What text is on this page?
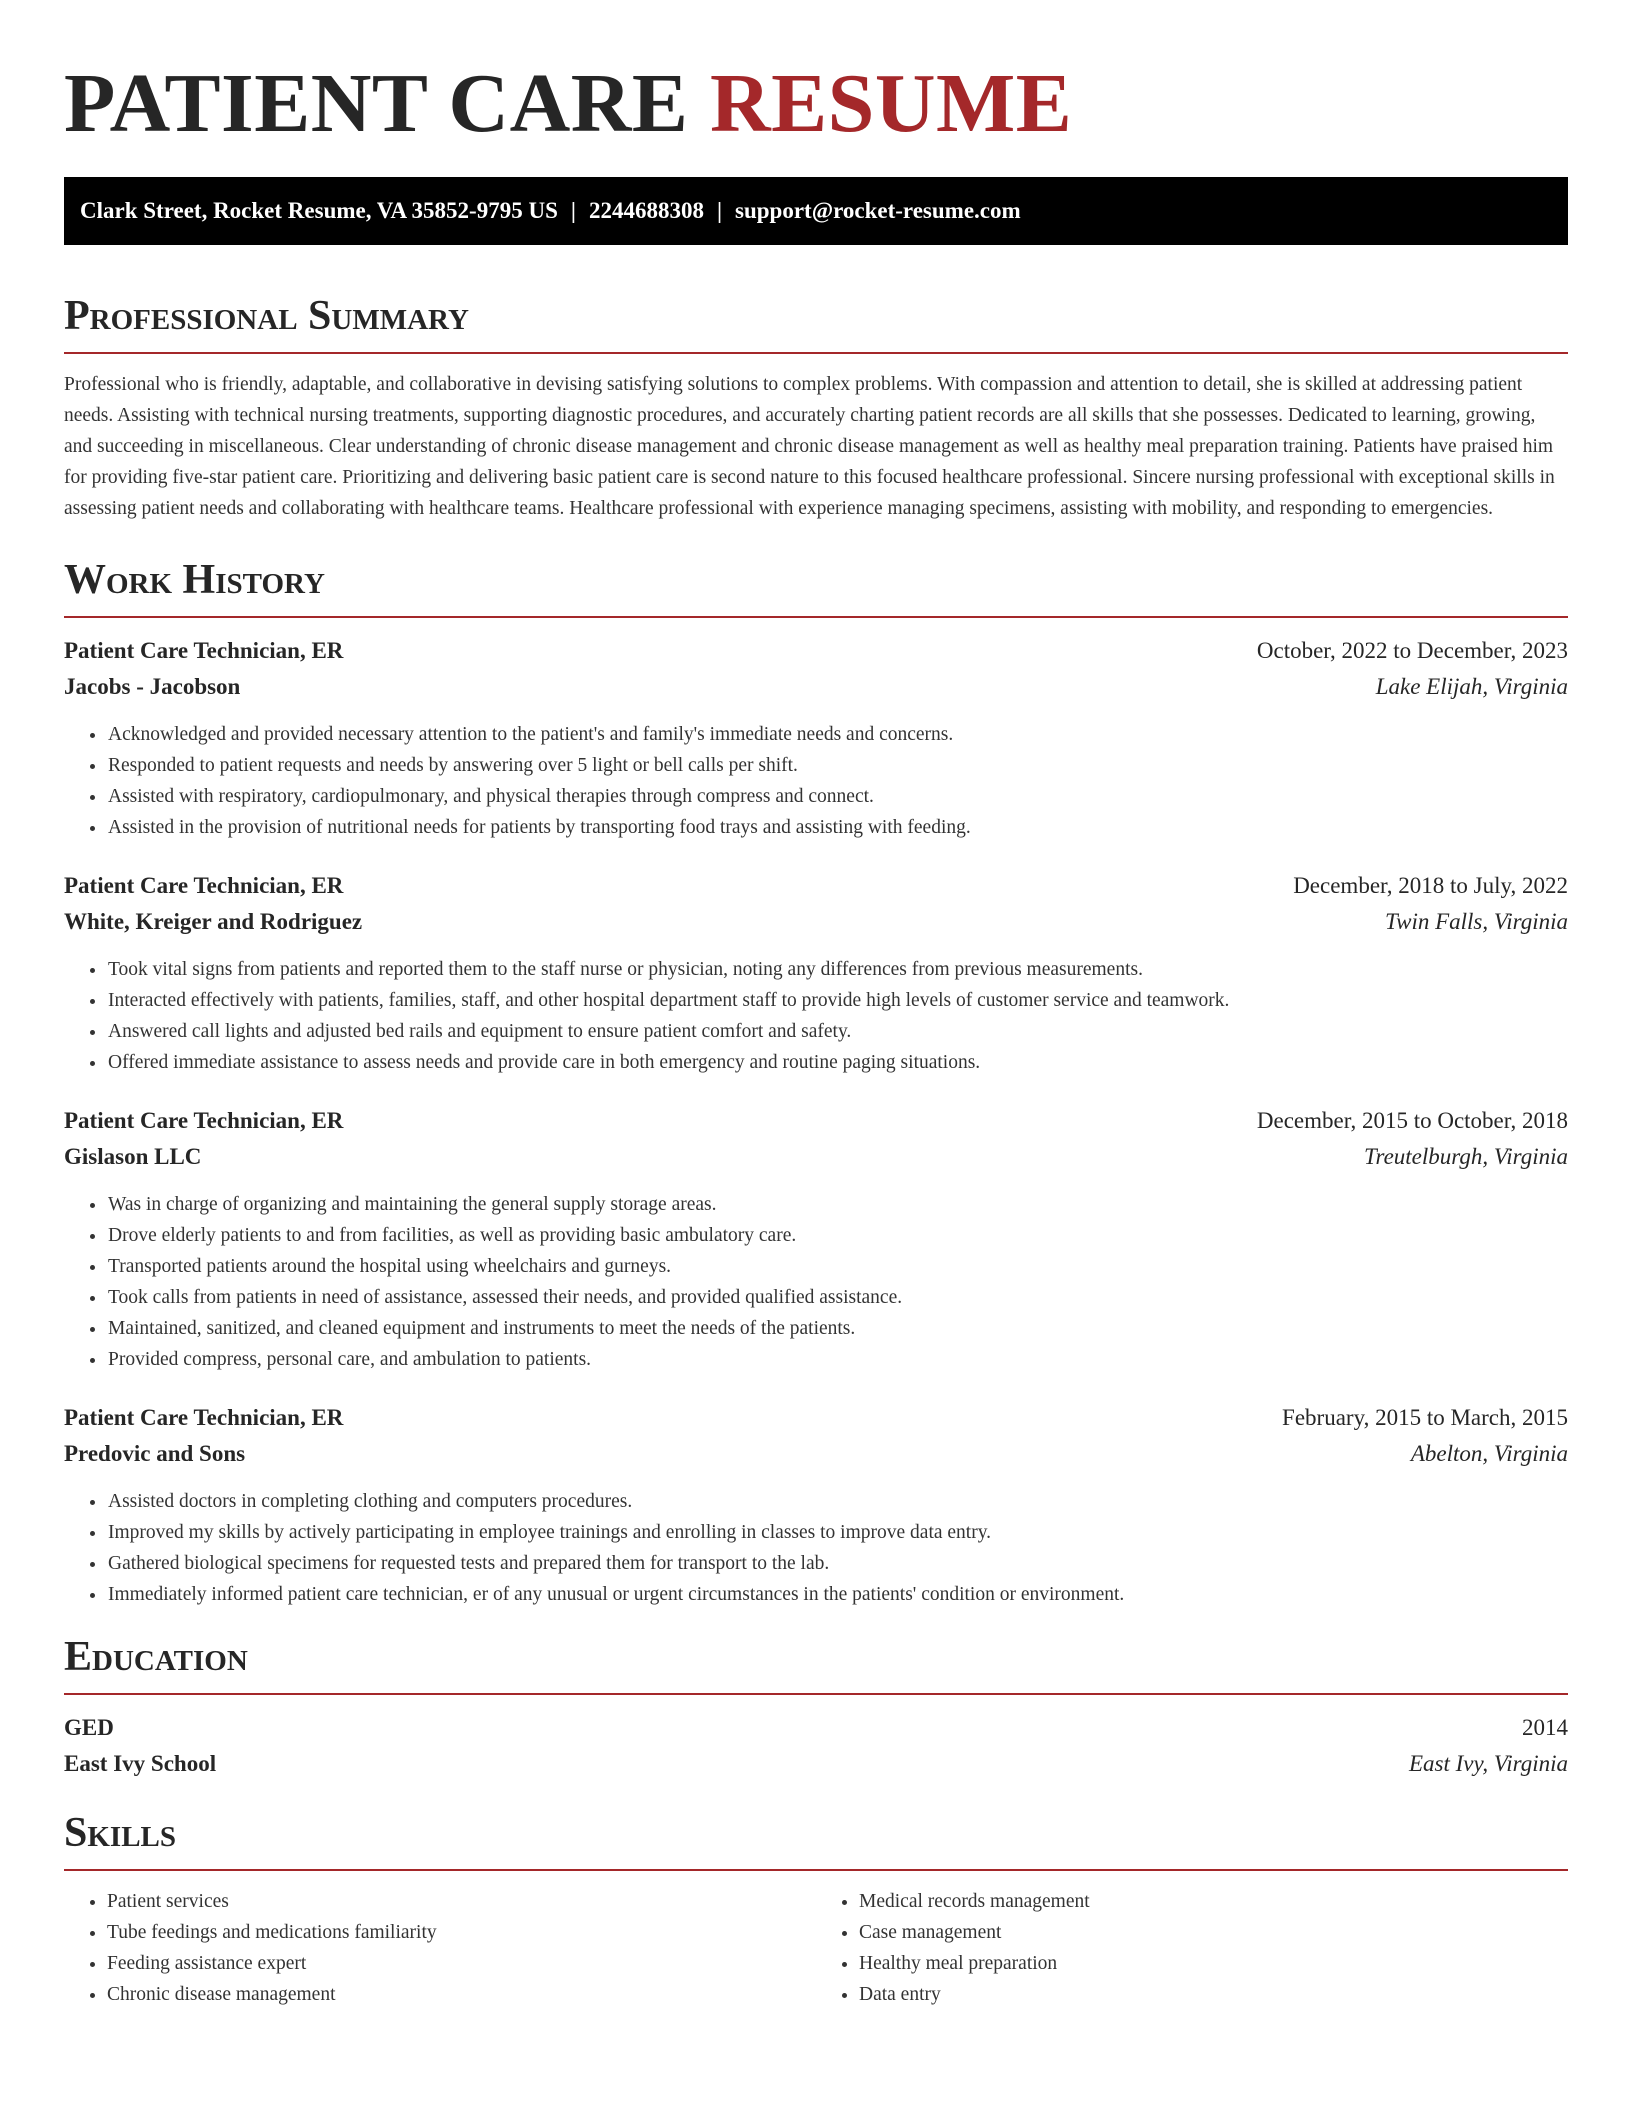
PATIENT CARE RESUME
Clark Street, Rocket Resume, VA 35852-9795 US | 2244688308 | support@rocket-resume.com
Professional Summary

Professional who is friendly, adaptable, and collaborative in devising satisfying solutions to complex problems. With compassion and attention to detail, she is skilled at addressing patient needs. Assisting with technical nursing treatments, supporting diagnostic procedures, and accurately charting patient records are all skills that she possesses. Dedicated to learning, growing, and succeeding in miscellaneous. Clear understanding of chronic disease management and chronic disease management as well as healthy meal preparation training. Patients have praised him for providing five-star patient care. Prioritizing and delivering basic patient care is second nature to this focused healthcare professional. Sincere nursing professional with exceptional skills in assessing patient needs and collaborating with healthcare teams. Healthcare professional with experience managing specimens, assisting with mobility, and responding to emergencies.

Work History
Patient Care Technician, ER	October, 2022 to December, 2023
Jacobs - Jacobson	Lake Elijah, Virginia
• Acknowledged and provided necessary attention to the patient's and family's immediate needs and concerns.
• Responded to patient requests and needs by answering over 5 light or bell calls per shift.
• Assisted with respiratory, cardiopulmonary, and physical therapies through compress and connect.
• Assisted in the provision of nutritional needs for patients by transporting food trays and assisting with feeding.
Patient Care Technician, ER	December, 2018 to July, 2022
White, Kreiger and Rodriguez	Twin Falls, Virginia
• Took vital signs from patients and reported them to the staff nurse or physician, noting any differences from previous measurements.
• Interacted effectively with patients, families, staff, and other hospital department staff to provide high levels of customer service and teamwork.
• Answered call lights and adjusted bed rails and equipment to ensure patient comfort and safety.
• Offered immediate assistance to assess needs and provide care in both emergency and routine paging situations.
Patient Care Technician, ER	December, 2015 to October, 2018
Gislason LLC	Treutelburgh, Virginia
• Was in charge of organizing and maintaining the general supply storage areas.
• Drove elderly patients to and from facilities, as well as providing basic ambulatory care.
• Transported patients around the hospital using wheelchairs and gurneys.
• Took calls from patients in need of assistance, assessed their needs, and provided qualified assistance.
• Maintained, sanitized, and cleaned equipment and instruments to meet the needs of the patients.
• Provided compress, personal care, and ambulation to patients.
Patient Care Technician, ER	February, 2015 to March, 2015
Predovic and Sons	Abelton, Virginia
• Assisted doctors in completing clothing and computers procedures.
• Improved my skills by actively participating in employee trainings and enrolling in classes to improve data entry.
• Gathered biological specimens for requested tests and prepared them for transport to the lab.
• Immediately informed patient care technician, er of any unusual or urgent circumstances in the patients' condition or environment.
Education
GED	2014
East Ivy School	East Ivy, Virginia
Skills
• Patient services
• Tube feedings and medications familiarity
• Feeding assistance expert
• Chronic disease management
• Medical records management
• Case management
• Healthy meal preparation
• Data entry
